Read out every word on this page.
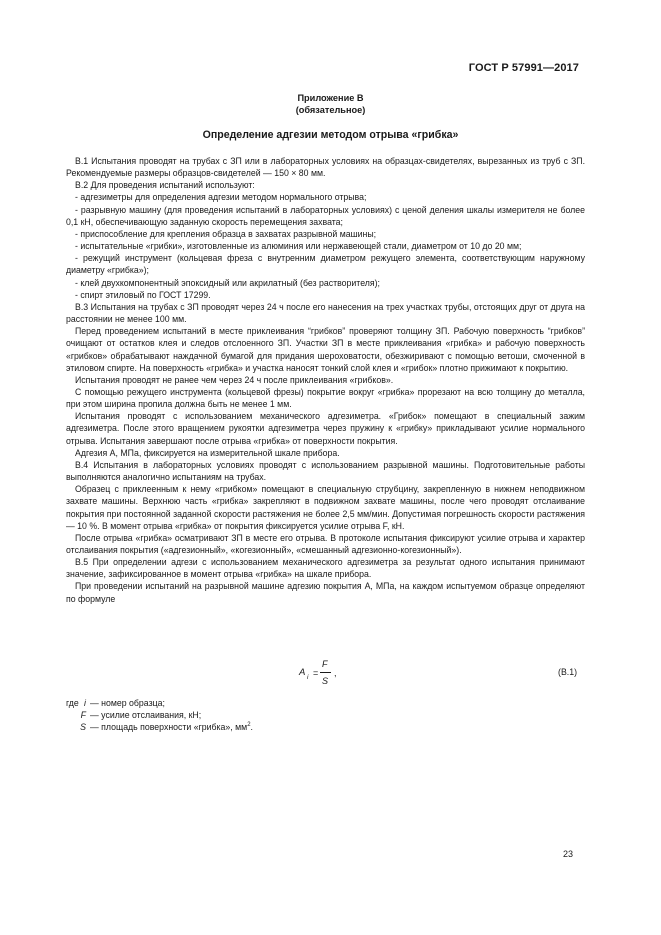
ГОСТ Р 57991—2017
Приложение В
(обязательное)
Определение адгезии методом отрыва «грибка»

В.1 Испытания проводят на трубах с ЗП или в лабораторных условиях на образцах-свидетелях, вырезанных из труб с ЗП. Рекомендуемые размеры образцов-свидетелей — 150 × 80 мм.

В.2 Для проведения испытаний используют:

- адгезиметры для определения адгезии методом нормального отрыва;

- разрывную машину (для проведения испытаний в лабораторных условиях) с ценой деления шкалы измерителя не более 0,1 кН, обеспечивающую заданную скорость перемещения захвата;

- приспособление для крепления образца в захватах разрывной машины;

- испытательные «грибки», изготовленные из алюминия или нержавеющей стали, диаметром от 10 до 20 мм;

- режущий инструмент (кольцевая фреза с внутренним диаметром режущего элемента, соответствующим наружному диаметру «грибка»);

- клей двухкомпонентный эпоксидный или акрилатный (без растворителя);

- спирт этиловый по ГОСТ 17299.

В.3 Испытания на трубах с ЗП проводят через 24 ч после его нанесения на трех участках трубы, отстоящих друг от друга на расстоянии не менее 100 мм.

Перед проведением испытаний в месте приклеивания “грибков” проверяют толщину ЗП. Рабочую поверхность “грибков” очищают от остатков клея и следов отслоенного ЗП. Участки ЗП в месте приклеивания «грибка» и рабочую поверхность «грибков» обрабатывают наждачной бумагой для придания шероховатости, обезжиривают с помощью ветоши, смоченной в этиловом спирте. На поверхность «грибка» и участка наносят тонкий слой клея и «грибок» плотно прижимают к покрытию.

Испытания проводят не ранее чем через 24 ч после приклеивания «грибков».

С помощью режущего инструмента (кольцевой фрезы) покрытие вокруг «грибка» прорезают на всю толщину до металла, при этом ширина пропила должна быть не менее 1 мм.

Испытания проводят с использованием механического адгезиметра. «Грибок» помещают в специальный зажим адгезиметра. После этого вращением рукоятки адгезиметра через пружину к «грибку» прикладывают усилие нормального отрыва. Испытания завершают после отрыва «грибка» от поверхности покрытия.

Адгезия А, МПа, фиксируется на измерительной шкале прибора.

В.4 Испытания в лабораторных условиях проводят с использованием разрывной машины. Подготовительные работы выполняются аналогично испытаниям на трубах.

Образец с приклеенным к нему «грибком» помещают в специальную струбцину, закрепленную в нижнем неподвижном захвате машины. Верхнюю часть «грибка» закрепляют в подвижном захвате машины, после чего проводят отслаивание покрытия при постоянной заданной скорости растяжения не более 2,5 мм/мин. Допустимая погрешность скорости растяжения — 10 %. В момент отрыва «грибка» от покрытия фиксируется усилие отрыва F, кН.

После отрыва «грибка» осматривают ЗП в месте его отрыва. В протоколе испытания фиксируют усилие отрыва и характер отслаивания покрытия («адгезионный», «когезионный», «смешанный адгезионно-когезионный»).

В.5 При определении адгези с использованием механического адгезиметра за результат одного испытания принимают значение, зафиксированное в момент отрыва «грибка» на шкале прибора.

При проведении испытаний на разрывной машине адгезию покрытия А, МПа, на каждом испытуемом образце определяют по формуле

A i =
F
S
,	(В.1)
где i — номер образца;
F — усилие отслаивания, кН;
S — площадь поверхности «грибка», $мм^2$.
23
